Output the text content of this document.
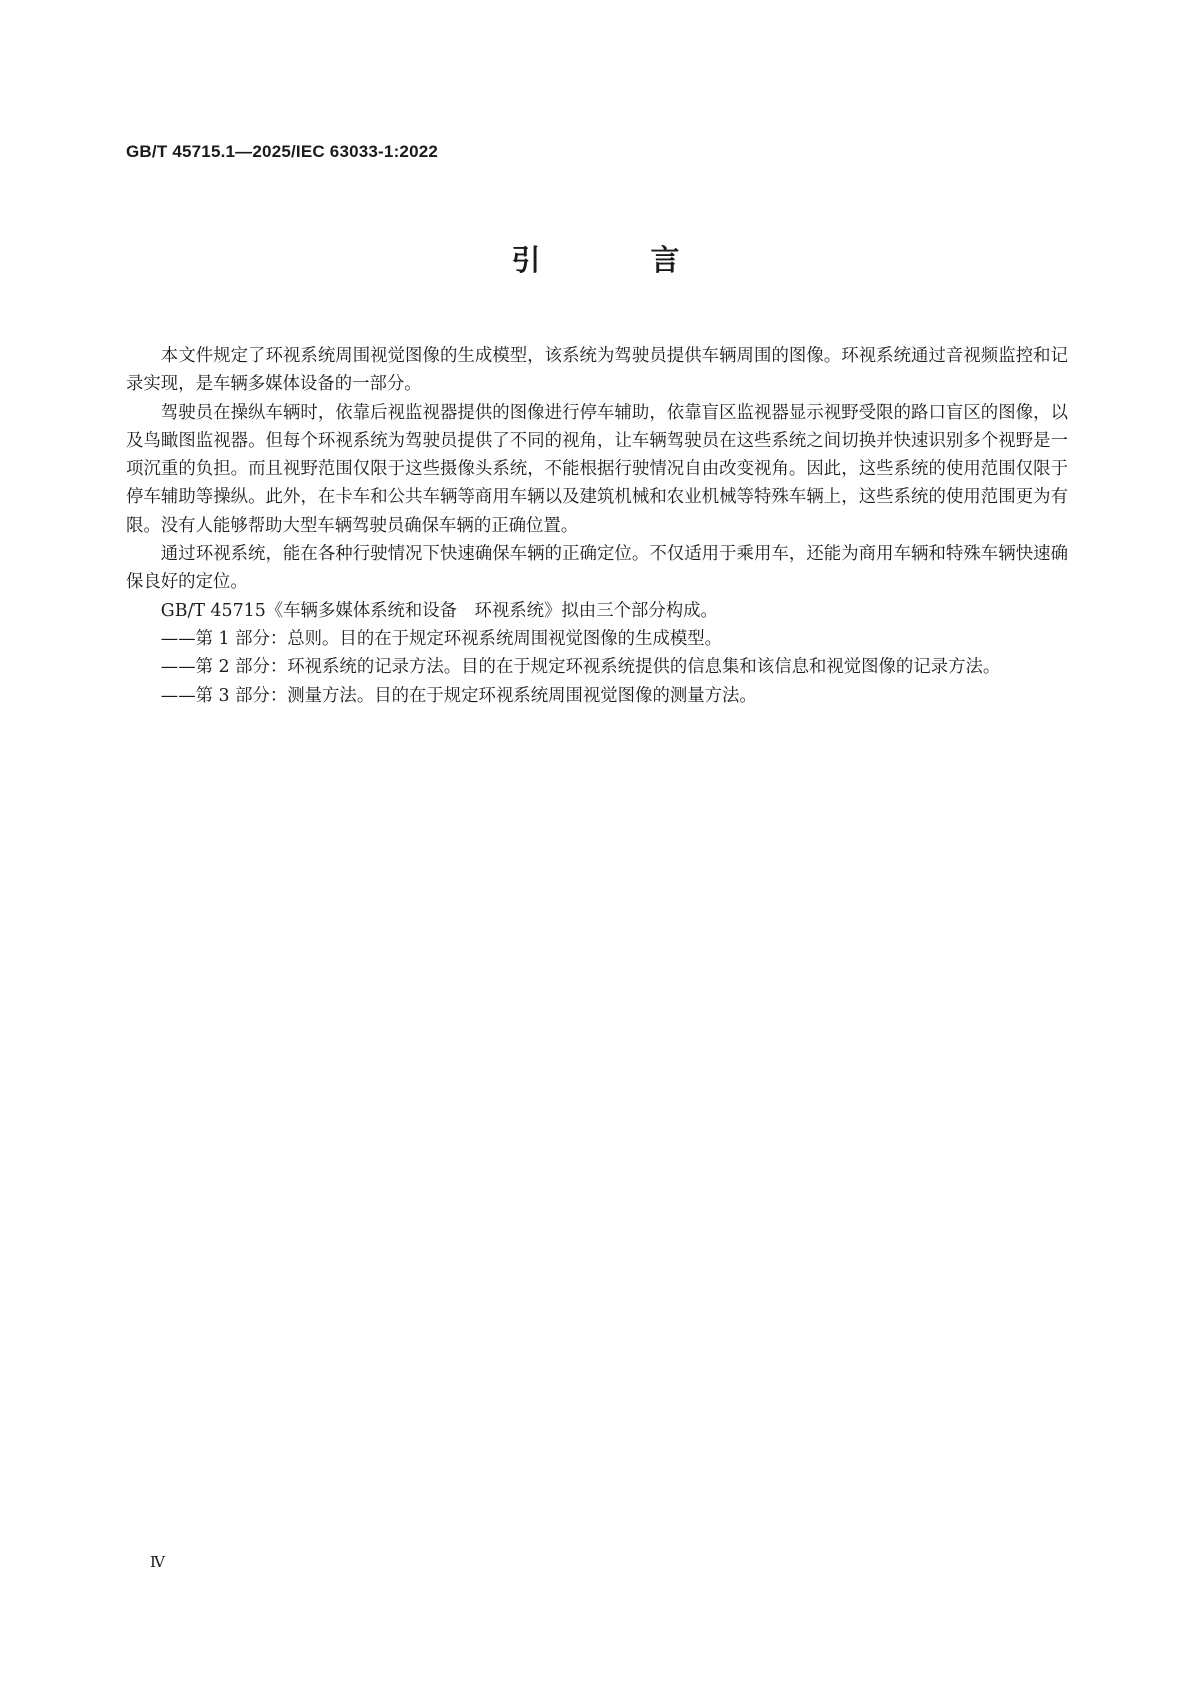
GB/T 45715.1—2025/IEC 63033-1:2022
引 言

本文件规定了环视系统周围视觉图像的生成模型，该系统为驾驶员提供车辆周围的图像。环视系统通过音视频监控和记录实现，是车辆多媒体设备的一部分。

驾驶员在操纵车辆时，依靠后视监视器提供的图像进行停车辅助，依靠盲区监视器显示视野受限的路口盲区的图像，以及鸟瞰图监视器。但每个环视系统为驾驶员提供了不同的视角，让车辆驾驶员在这些系统之间切换并快速识别多个视野是一项沉重的负担。而且视野范围仅限于这些摄像头系统，不能根据行驶情况自由改变视角。因此，这些系统的使用范围仅限于停车辅助等操纵。此外，在卡车和公共车辆等商用车辆以及建筑机械和农业机械等特殊车辆上，这些系统的使用范围更为有限。没有人能够帮助大型车辆驾驶员确保车辆的正确位置。

通过环视系统，能在各种行驶情况下快速确保车辆的正确定位。不仅适用于乘用车，还能为商用车辆和特殊车辆快速确保良好的定位。

GB/T 45715《车辆多媒体系统和设备　环视系统》拟由三个部分构成。

——第 1 部分：总则。目的在于规定环视系统周围视觉图像的生成模型。
——第 2 部分：环视系统的记录方法。目的在于规定环视系统提供的信息集和该信息和视觉图像的记录方法。
——第 3 部分：测量方法。目的在于规定环视系统周围视觉图像的测量方法。
Ⅳ
